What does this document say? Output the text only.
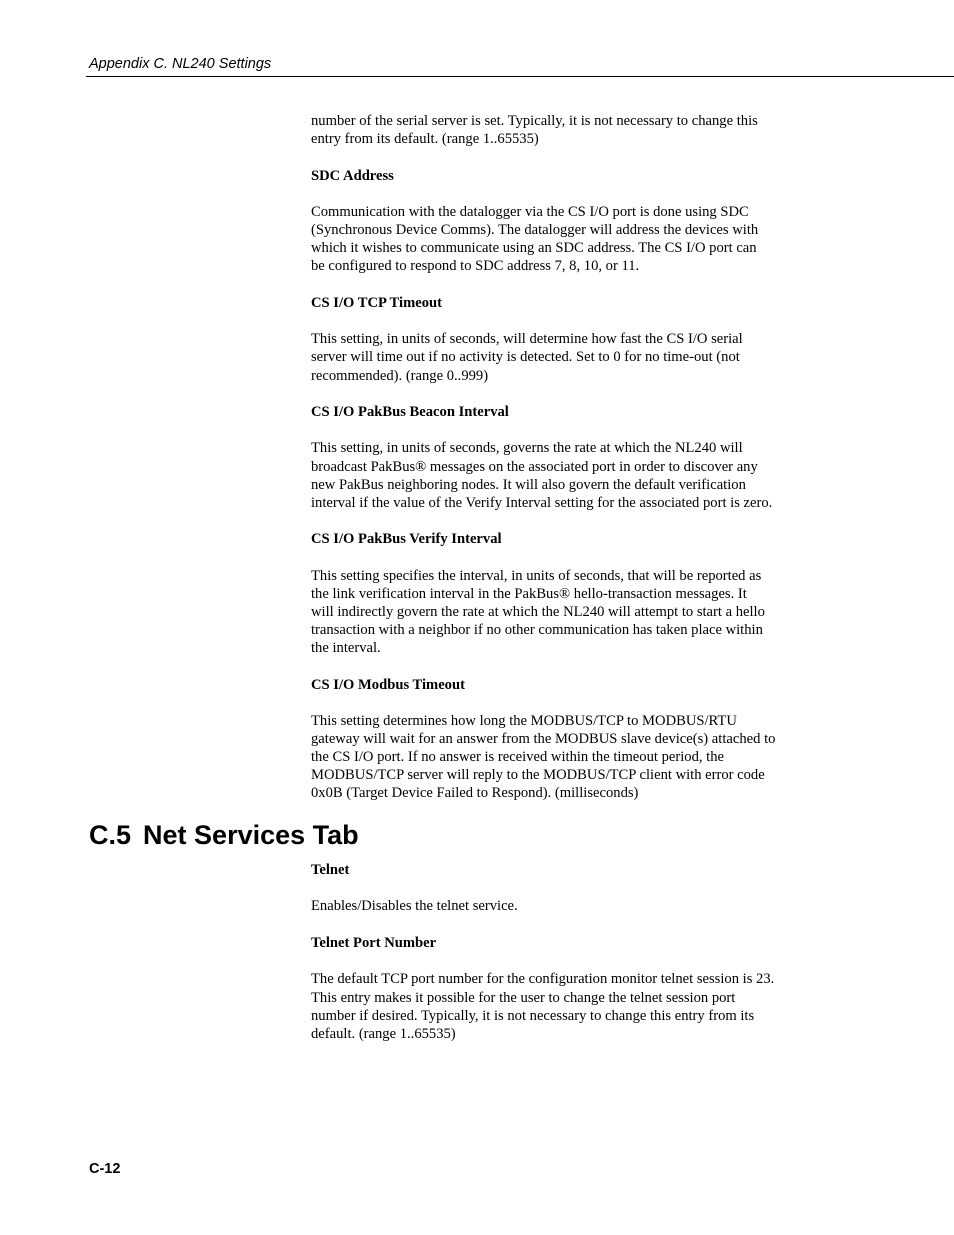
Appendix C. NL240 Settings

number of the serial server is set. Typically, it is not necessary to change this
entry from its default. (range 1..65535)

SDC Address

Communication with the datalogger via the CS I/O port is done using SDC
(Synchronous Device Comms). The datalogger will address the devices with
which it wishes to communicate using an SDC address. The CS I/O port can
be configured to respond to SDC address 7, 8, 10, or 11.

CS I/O TCP Timeout

This setting, in units of seconds, will determine how fast the CS I/O serial
server will time out if no activity is detected. Set to 0 for no time-out (not
recommended). (range 0..999)

CS I/O PakBus Beacon Interval

This setting, in units of seconds, governs the rate at which the NL240 will
broadcast PakBus® messages on the associated port in order to discover any
new PakBus neighboring nodes. It will also govern the default verification
interval if the value of the Verify Interval setting for the associated port is zero.

CS I/O PakBus Verify Interval

This setting specifies the interval, in units of seconds, that will be reported as
the link verification interval in the PakBus® hello-transaction messages. It
will indirectly govern the rate at which the NL240 will attempt to start a hello
transaction with a neighbor if no other communication has taken place within
the interval.

CS I/O Modbus Timeout

This setting determines how long the MODBUS/TCP to MODBUS/RTU
gateway will wait for an answer from the MODBUS slave device(s) attached to
the CS I/O port. If no answer is received within the timeout period, the
MODBUS/TCP server will reply to the MODBUS/TCP client with error code
0x0B (Target Device Failed to Respond). (milliseconds)

C.5 Net Services Tab

Telnet

Enables/Disables the telnet service.

Telnet Port Number

The default TCP port number for the configuration monitor telnet session is 23.
This entry makes it possible for the user to change the telnet session port
number if desired. Typically, it is not necessary to change this entry from its
default. (range 1..65535)

C-12
